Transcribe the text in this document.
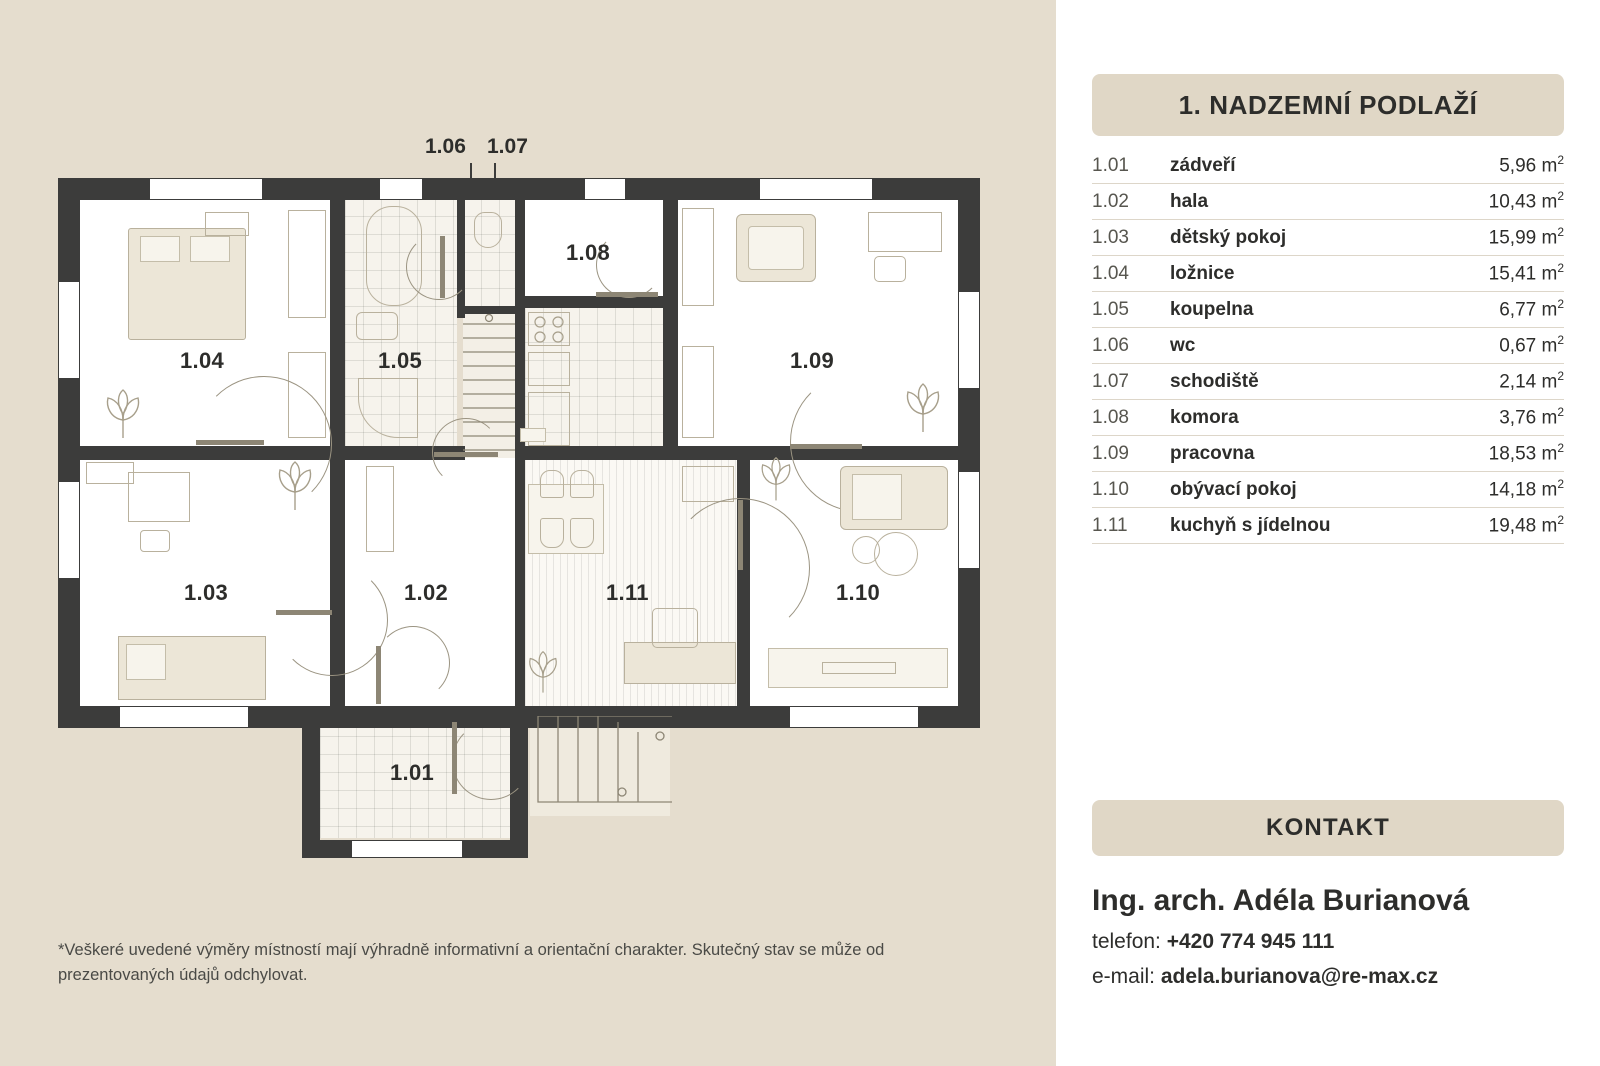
1.06 1.07
1.04	1.05
1.08
1.09
1.03	1.02	1.11	1.10
1.01
*Veškeré uvedené výměry místností mají výhradně informativní a orientační charakter. Skutečný stav se může od prezentovaných údajů odchylovat.
1. NADZEMNÍ PODLAŽÍ
1.01	zádveří	5,96 $m^2$
1.02	hala	10,43 $m^2$
1.03	dětský pokoj	15,99 $m^2$
1.04	ložnice	15,41 $m^2$
1.05	koupelna	6,77 $m^2$
1.06	wc	0,67 $m^2$
1.07	schodiště	2,14 $m^2$
1.08	komora	3,76 $m^2$
1.09	pracovna	18,53 $m^2$
1.10	obývací pokoj	14,18 $m^2$
1.11	kuchyň s jídelnou	19,48 $m^2$
KONTAKT
Ing. arch. Adéla Burianová
telefon: +420 774 945 111
e-mail: adela.burianova@re-max.cz
